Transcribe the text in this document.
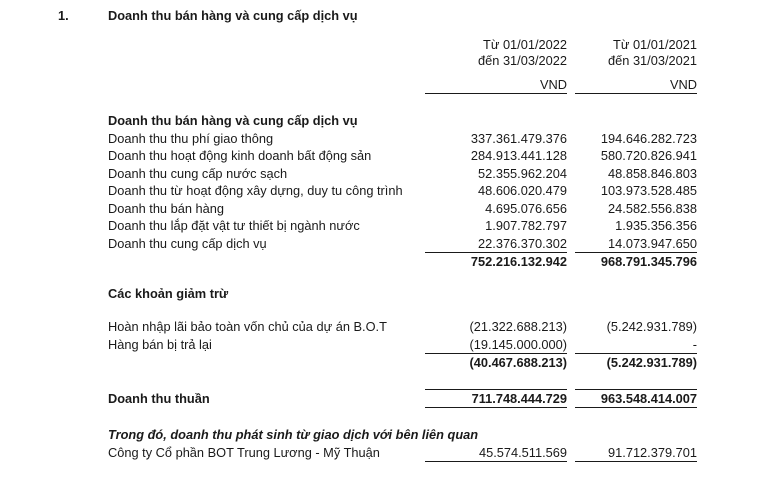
1.	Doanh thu bán hàng và cung cấp dịch vụ			

		Từ 01/01/2022		Từ 01/01/2021
		đến 31/03/2022		đến 31/03/2021

		VND		VND

	Doanh thu bán hàng và cung cấp dịch vụ			
	Doanh thu thu phí giao thông	337.361.479.376		194.646.282.723
	Doanh thu hoạt động kinh doanh bất động sản	284.913.441.128		580.720.826.941
	Doanh thu cung cấp nước sạch	52.355.962.204		48.858.846.803
	Doanh thu từ hoạt động xây dựng, duy tu công trình	48.606.020.479		103.973.528.485
	Doanh thu bán hàng	4.695.076.656		24.582.556.838
	Doanh thu lắp đặt vật tư thiết bị ngành nước	1.907.782.797		1.935.356.356
	Doanh thu cung cấp dịch vụ	22.376.370.302		14.073.947.650
		752.216.132.942		968.791.345.796

	Các khoản giảm trừ			

	Hoàn nhập lãi bảo toàn vốn chủ của dự án B.O.T	(21.322.688.213)		(5.242.931.789)
	Hàng bán bị trả lại	(19.145.000.000)		-
		(40.467.688.213)		(5.242.931.789)

	Doanh thu thuần	711.748.444.729		963.548.414.007

	Trong đó, doanh thu phát sinh từ giao dịch với bên liên quan			
	Công ty Cổ phần BOT Trung Lương - Mỹ Thuận	45.574.511.569		91.712.379.701
